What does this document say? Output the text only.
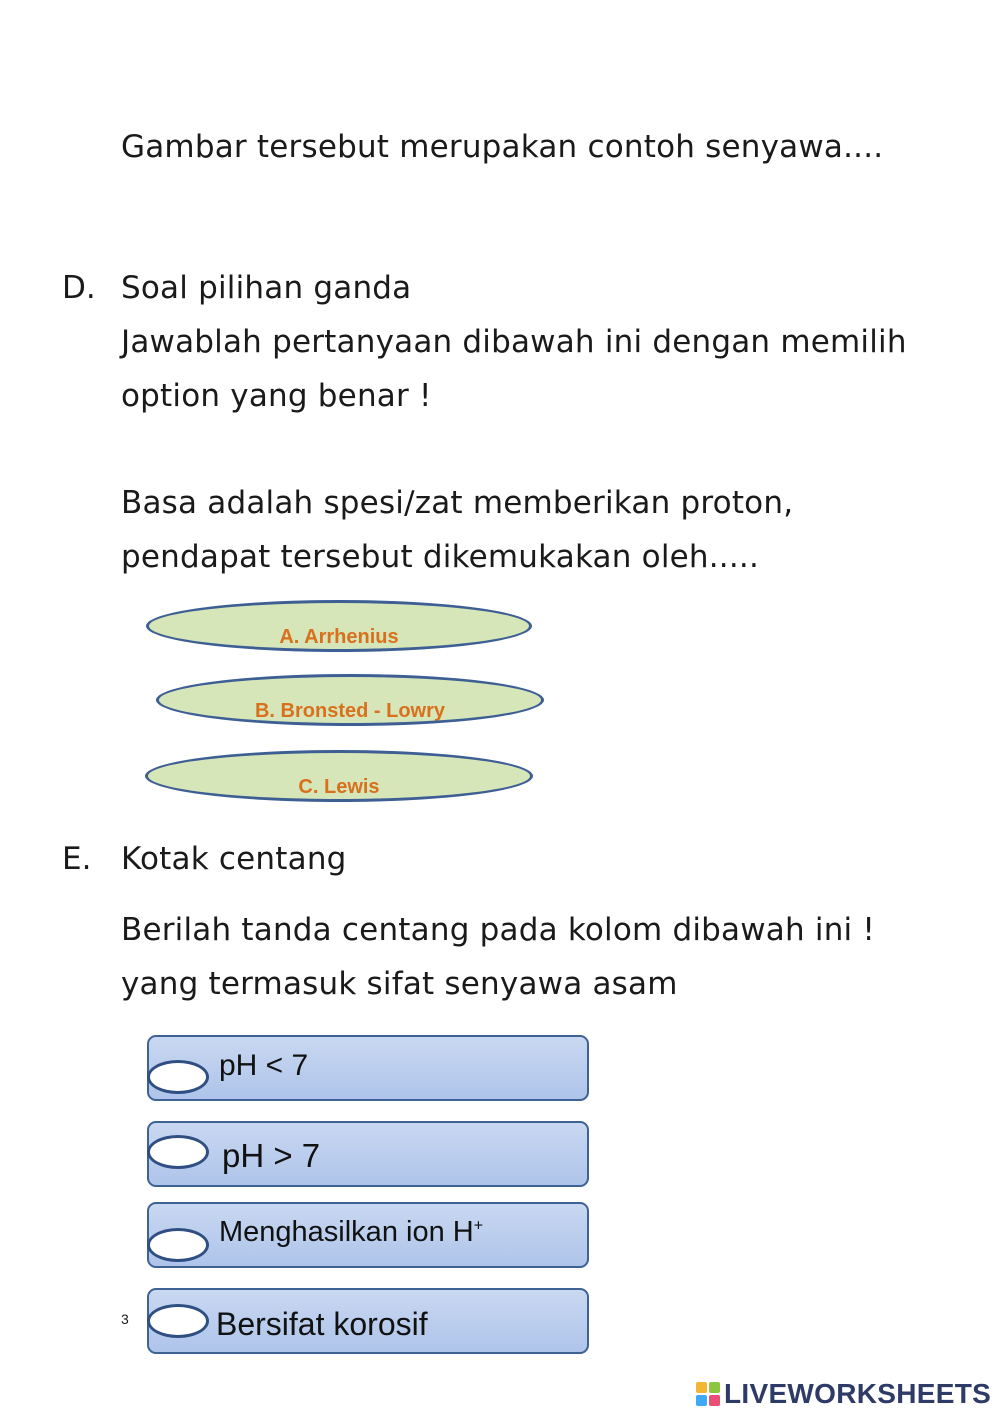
Gambar tersebut merupakan contoh senyawa....
D. Soal pilihan ganda
Jawablah pertanyaan dibawah ini dengan memilih
option yang benar !
Basa adalah spesi/zat memberikan proton,
pendapat tersebut dikemukakan oleh.....
A. Arrhenius
B. Bronsted - Lowry
C. Lewis
E. Kotak centang
Berilah tanda centang pada kolom dibawah ini !
yang termasuk sifat senyawa asam
pH < 7
pH > 7
Menghasilkan ion H+
Bersifat korosif
3
LIVEWORKSHEETS
